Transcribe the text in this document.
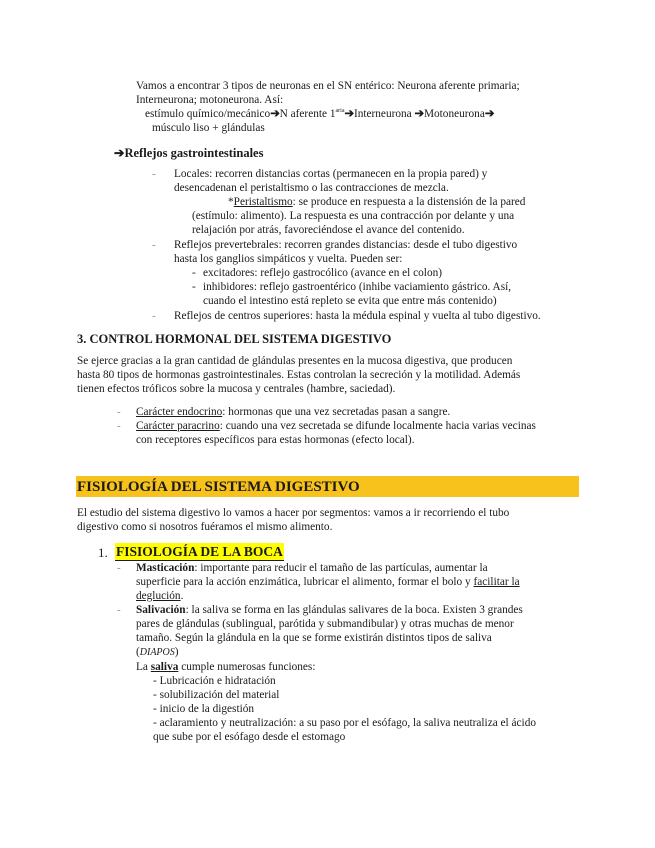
Vamos a encontrar 3 tipos de neuronas en el SN entérico: Neurona aferente primaria;
Interneurona; motoneurona. Así:
estímulo químico/mecánico➔N aferente $1^{aria}➔Interneurona$ ➔Motoneurona➔
músculo liso + glándulas
➔Reflejos gastrointestinales
- Locales: recorren distancias cortas (permanecen en la propia pared) y
desencadenan el peristaltismo o las contracciones de mezcla.
*Peristaltismo: se produce en respuesta a la distensión de la pared
(estímulo: alimento). La respuesta es una contracción por delante y una
relajación por atrás, favoreciéndose el avance del contenido.
- Reflejos prevertebrales: recorren grandes distancias: desde el tubo digestivo
hasta los ganglios simpáticos y vuelta. Pueden ser:
- excitadores: reflejo gastrocólico (avance en el colon)
- inhibidores: reflejo gastroentérico (inhibe vaciamiento gástrico. Así,
cuando el intestino está repleto se evita que entre más contenido)
- Reflejos de centros superiores: hasta la médula espinal y vuelta al tubo digestivo.
3. CONTROL HORMONAL DEL SISTEMA DIGESTIVO
Se ejerce gracias a la gran cantidad de glándulas presentes en la mucosa digestiva, que producen
hasta 80 tipos de hormonas gastrointestinales. Estas controlan la secreción y la motilidad. Además
tienen efectos tróficos sobre la mucosa y centrales (hambre, saciedad).
- Carácter endocrino: hormonas que una vez secretadas pasan a sangre.
- Carácter paracrino: cuando una vez secretada se difunde localmente hacia varias vecinas
con receptores específicos para estas hormonas (efecto local).
FISIOLOGÍA DEL SISTEMA DIGESTIVO
El estudio del sistema digestivo lo vamos a hacer por segmentos: vamos a ir recorriendo el tubo
digestivo como si nosotros fuéramos el mismo alimento.
1. FISIOLOGÍA DE LA BOCA
- Masticación: importante para reducir el tamaño de las partículas, aumentar la
superficie para la acción enzimática, lubricar el alimento, formar el bolo y facilitar la
deglución.
- Salivación: la saliva se forma en las glándulas salivares de la boca. Existen 3 grandes
pares de glándulas (sublingual, parótida y submandibular) y otras muchas de menor
tamaño. Según la glándula en la que se forme existirán distintos tipos de saliva
(DIAPOS)
La saliva cumple numerosas funciones:
- Lubricación e hidratación
- solubilización del material
- inicio de la digestión
- aclaramiento y neutralización: a su paso por el esófago, la saliva neutraliza el ácido
que sube por el esófago desde el estomago
